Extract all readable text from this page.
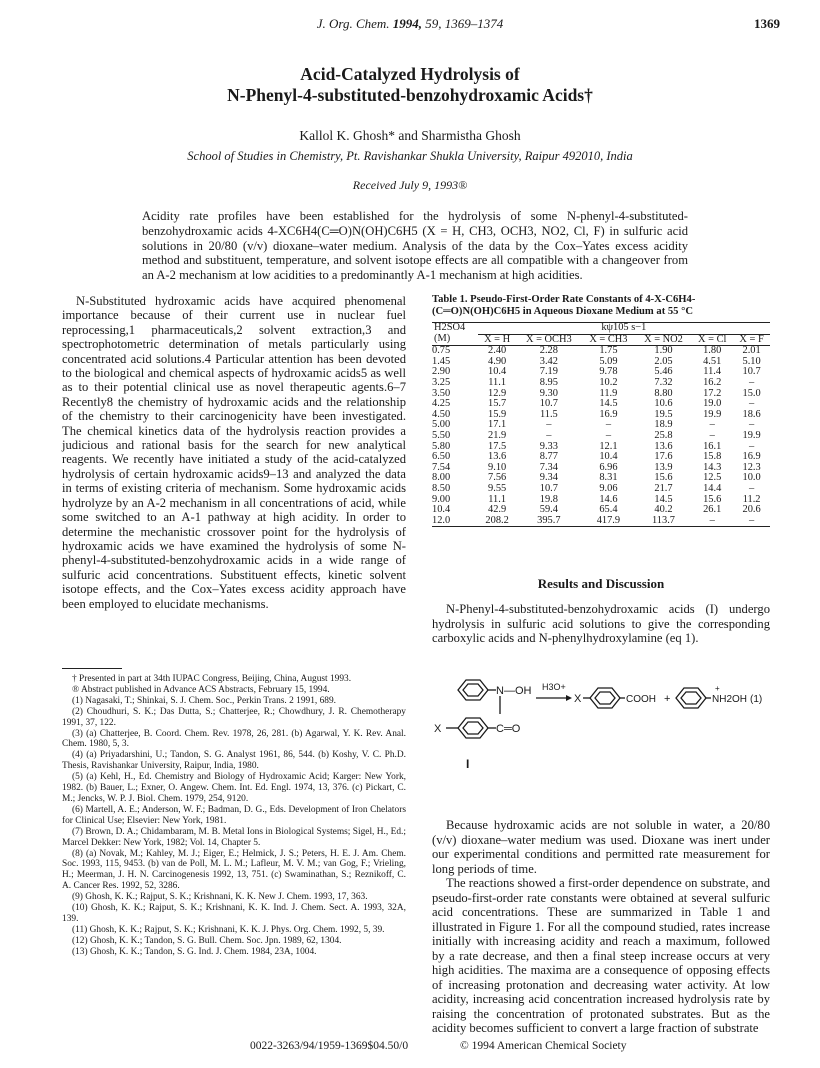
J. Org. Chem. 1994, 59, 1369–1374	1369
Acid-Catalyzed Hydrolysis of
N-Phenyl-4-substituted-benzohydroxamic Acids†
Kallol K. Ghosh* and Sharmistha Ghosh
School of Studies in Chemistry, Pt. Ravishankar Shukla University, Raipur 492010, India
Received July 9, 1993®

Acidity rate profiles have been established for the hydrolysis of some N-phenyl-4-substituted-benzohydroxamic acids 4-XC6H4(C═O)N(OH)C6H5 (X = H, CH3, OCH3, NO2, Cl, F) in sulfuric acid solutions in 20/80 (v/v) dioxane–water medium. Analysis of the data by the Cox–Yates excess acidity method and substituent, temperature, and solvent isotope effects are all compatible with a changeover from an A-2 mechanism at low acidities to a predominantly A-1 mechanism at high acidities.

N-Substituted hydroxamic acids have acquired phenomenal importance because of their current use in nuclear fuel reprocessing,1 pharmaceuticals,2 solvent extraction,3 and spectrophotometric determination of metals particularly using concentrated acid solutions.4 Particular attention has been devoted to the biological and chemical aspects of hydroxamic acids5 as well as to their potential clinical use as novel therapeutic agents.6–7 Recently8 the chemistry of hydroxamic acids and the relationship of the chemistry to their carcinogenicity have been investigated. The chemical kinetics data of the hydrolysis reaction provides a judicious and rational basis for the search for new analytical reagents. We recently have initiated a study of the acid-catalyzed hydrolysis of certain hydroxamic acids9–13 and analyzed the data in terms of existing criteria of mechanism. Some hydroxamic acids hydrolyze by an A-2 mechanism in all concentrations of acid, while some switched to an A-1 pathway at high acidity. In order to determine the mechanistic crossover point for the hydrolysis of hydroxamic acids we have examined the hydrolysis of some N-phenyl-4-substituted-benzohydroxamic acids in a wide range of sulfuric acid concentrations. Substituent effects, kinetic solvent isotope effects, and the Cox–Yates excess acidity approach have been employed to elucidate mechanisms.

† Presented in part at 34th IUPAC Congress, Beijing, China, August 1993.

® Abstract published in Advance ACS Abstracts, February 15, 1994.

(1) Nagasaki, T.; Shinkai, S. J. Chem. Soc., Perkin Trans. 2 1991, 689.

(2) Choudhuri, S. K.; Das Dutta, S.; Chatterjee, R.; Chowdhury, J. R. Chemotherapy 1991, 37, 122.

(3) (a) Chatterjee, B. Coord. Chem. Rev. 1978, 26, 281. (b) Agarwal, Y. K. Rev. Anal. Chem. 1980, 5, 3.

(4) (a) Priyadarshini, U.; Tandon, S. G. Analyst 1961, 86, 544. (b) Koshy, V. C. Ph.D. Thesis, Ravishankar University, Raipur, India, 1980.

(5) (a) Kehl, H., Ed. Chemistry and Biology of Hydroxamic Acid; Karger: New York, 1982. (b) Bauer, L.; Exner, O. Angew. Chem. Int. Ed. Engl. 1974, 13, 376. (c) Pickart, C. M.; Jencks, W. P. J. Biol. Chem. 1979, 254, 9120.

(6) Martell, A. E.; Anderson, W. F.; Badman, D. G., Eds. Development of Iron Chelators for Clinical Use; Elsevier: New York, 1981.

(7) Brown, D. A.; Chidambaram, M. B. Metal Ions in Biological Systems; Sigel, H., Ed.; Marcel Dekker: New York, 1982; Vol. 14, Chapter 5.

(8) (a) Novak, M.; Kahley, M. J.; Eiger, E.; Helmick, J. S.; Peters, H. E. J. Am. Chem. Soc. 1993, 115, 9453. (b) van de Poll, M. L. M.; Lafleur, M. V. M.; van Gog, F.; Vrieling, H.; Meerman, J. H. N. Carcinogenesis 1992, 13, 751. (c) Swaminathan, S.; Reznikoff, C. A. Cancer Res. 1992, 52, 3286.

(9) Ghosh, K. K.; Rajput, S. K.; Krishnani, K. K. New J. Chem. 1993, 17, 363.

(10) Ghosh, K. K.; Rajput, S. K.; Krishnani, K. K. Ind. J. Chem. Sect. A. 1993, 32A, 139.

(11) Ghosh, K. K.; Rajput, S. K.; Krishnani, K. K. J. Phys. Org. Chem. 1992, 5, 39.

(12) Ghosh, K. K.; Tandon, S. G. Bull. Chem. Soc. Jpn. 1989, 62, 1304.

(13) Ghosh, K. K.; Tandon, S. G. Ind. J. Chem. 1984, 23A, 1004.

0022-3263/94/1959-1369$04.50/0	© 1994 American Chemical Society
Table 1. Pseudo-First-Order Rate Constants of 4-X-C6H4-(C═O)N(OH)C6H5 in Aqueous Dioxane Medium at 55 °C
H2SO4	kψ105 s−1					
(M)	X = H	X = OCH3	X = CH3	X = NO2	X = Cl	X = F
0.75	2.40	2.28	1.75	1.90	1.80	2.01
1.45	4.90	3.42	5.09	2.05	4.51	5.10
2.90	10.4	7.19	9.78	5.46	11.4	10.7
3.25	11.1	8.95	10.2	7.32	16.2	–
3.50	12.9	9.30	11.9	8.80	17.2	15.0
4.25	15.7	10.7	14.5	10.6	19.0	–
4.50	15.9	11.5	16.9	19.5	19.9	18.6
5.00	17.1	–	–	18.9	–	–
5.50	21.9	–	–	25.8	–	19.9
5.80	17.5	9.33	12.1	13.6	16.1	–
6.50	13.6	8.77	10.4	17.6	15.8	16.9
7.54	9.10	7.34	6.96	13.9	14.3	12.3
8.00	7.56	9.34	8.31	15.6	12.5	10.0
8.50	9.55	10.7	9.06	21.7	14.4	–
9.00	11.1	19.8	14.6	14.5	15.6	11.2
10.4	42.9	59.4	65.4	40.2	26.1	20.6
12.0	208.2	395.7	417.9	113.7	–	–
Results and Discussion

N-Phenyl-4-substituted-benzohydroxamic acids (I) undergo hydrolysis in sulfuric acid solutions to give the corresponding carboxylic acids and N-phenylhydroxylamine (eq 1).

N—OH
X	C═O
H3O+
X	COOH +	NH2OH
+
(1)
I

Because hydroxamic acids are not soluble in water, a 20/80 (v/v) dioxane–water medium was used. Dioxane was inert under our experimental conditions and permitted rate measurement for long periods of time.

The reactions showed a first-order dependence on substrate, and pseudo-first-order rate constants were obtained at several sulfuric acid concentrations. These are summarized in Table 1 and illustrated in Figure 1. For all the compound studied, rates increase initially with increasing acidity and reach a maximum, followed by a rate decrease, and then a final steep increase occurs at very high acidities. The maxima are a consequence of opposing effects of increasing protonation and decreasing water activity. At low acidity, increasing acid concentration increased hydrolysis rate by raising the concentration of protonated substrates. But as the acidity becomes sufficient to convert a large fraction of substrate
